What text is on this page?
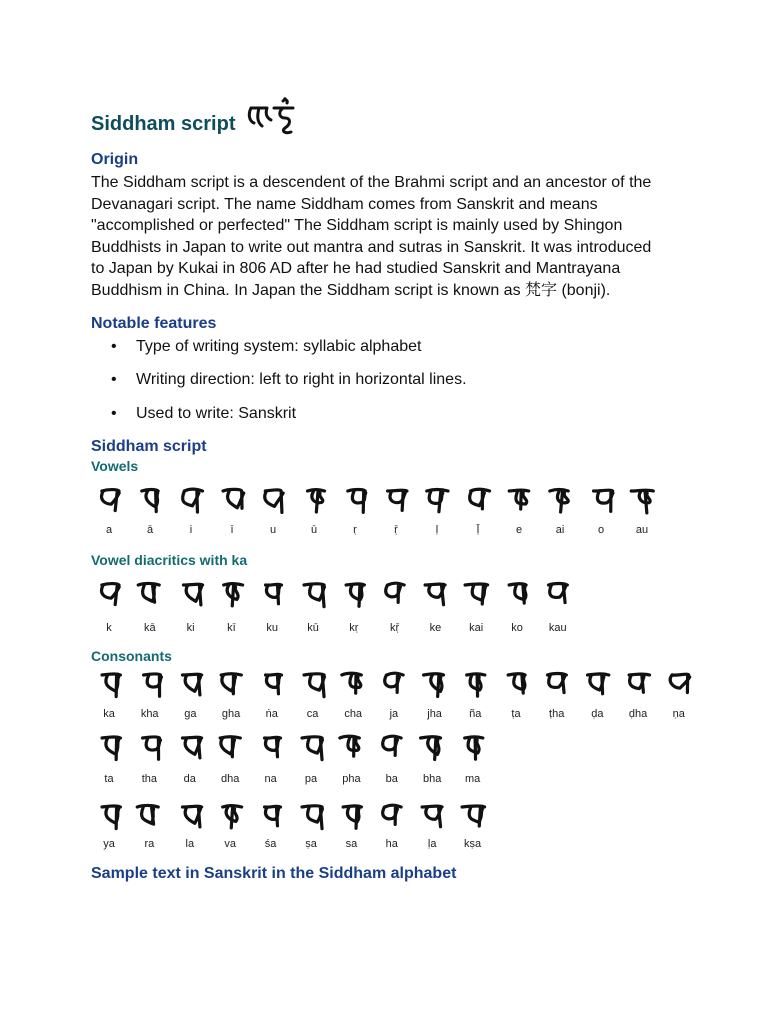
Siddham script
Origin
The Siddham script is a descendent of the Brahmi script and an ancestor of the
Devanagari script. The name Siddham comes from Sanskrit and means
"accomplished or perfected" The Siddham script is mainly used by Shingon
Buddhists in Japan to write out mantra and sutras in Sanskrit. It was introduced
to Japan by Kukai in 806 AD after he had studied Sanskrit and Mantrayana
Buddhism in China. In Japan the Siddham script is known as 梵字 (bonji).
Notable features
• Type of writing system: syllabic alphabet
• Writing direction: left to right in horizontal lines.
• Used to write: Sanskrit
Siddham script
Vowels
a	ā	i	ī	u	ū	ṛ	ṝ	ḷ	ḹ	e	ai	o	au
Vowel diacritics with ka
k	kā	ki	kī	ku	kū	kṛ	kṝ	ke	kai	ko	kau
Consonants
ka	kha	ga	gha	ṅa	ca	cha	ja	jha	ña	ṭa	ṭha	ḍa	ḍha	ṇa
ta	tha	da	dha	na	pa	pha	ba	bha	ma
ya	ra	la	va	śa	ṣa	sa	ha	ḷa	kṣa
Sample text in Sanskrit in the Siddham alphabet
